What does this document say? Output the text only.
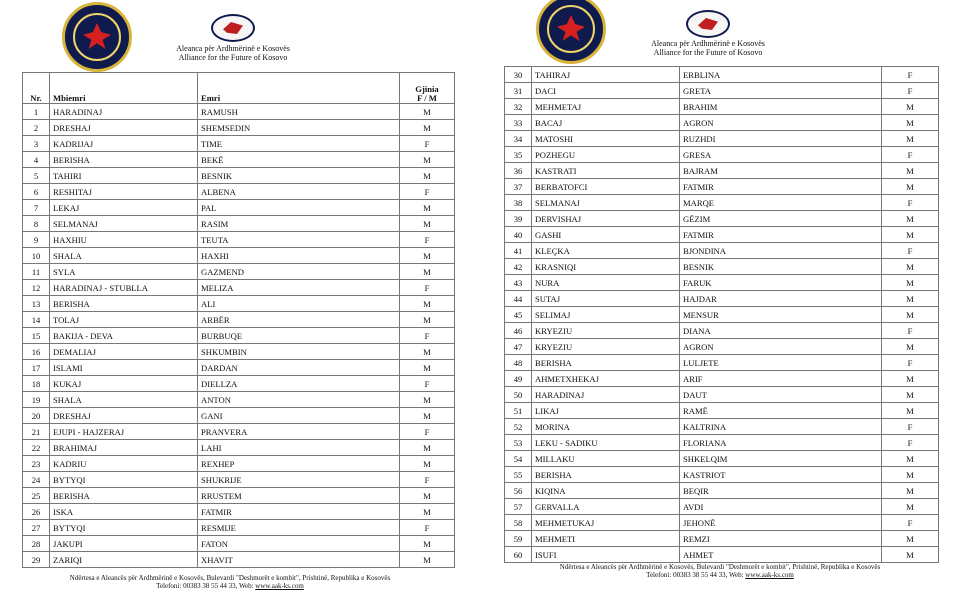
Aleanca për Ardhmërinë e Kosovës
Alliance for the Future of Kosovo
Nr.	Mbiemri	Emri	Gjinia
F / M

1	HARADINAJ	RAMUSH	M
2	DRESHAJ	SHEMSEDIN	M
3	KADRIJAJ	TIME	F
4	BERISHA	BEKË	M
5	TAHIRI	BESNIK	M
6	RESHITAJ	ALBENA	F
7	LEKAJ	PAL	M
8	SELMANAJ	RASIM	M
9	HAXHIU	TEUTA	F
10	SHALA	HAXHI	M
11	SYLA	GAZMEND	M
12	HARADINAJ - STUBLLA	MELIZA	F
13	BERISHA	ALI	M
14	TOLAJ	ARBËR	M
15	BAKIJA - DEVA	BURBUQE	F
16	DEMALIAJ	SHKUMBIN	M
17	ISLAMI	DARDAN	M
18	KUKAJ	DIELLZA	F
19	SHALA	ANTON	M
20	DRESHAJ	GANI	M
21	EJUPI - HAJZERAJ	PRANVERA	F
22	BRAHIMAJ	LAHI	M
23	KADRIU	REXHEP	M
24	BYTYQI	SHUKRIJE	F
25	BERISHA	RRUSTEM	M
26	ISKA	FATMIR	M
27	BYTYQI	RESMIJE	F
28	JAKUPI	FATON	M
29	ZARIQI	XHAVIT	M
Ndërtesa e Aleancës për Ardhmërinë e Kosovës, Bulevardi "Deshmorët e kombit", Prishtinë, Republika e Kosovës
Telefoni: 00383 38 55 44 33, Web: www.aak-ks.com
Aleanca për Ardhmërinë e Kosovës
Alliance for the Future of Kosovo
30	TAHIRAJ	ERBLINA	F
31	DACI	GRETA	F
32	MEHMETAJ	BRAHIM	M
33	BACAJ	AGRON	M
34	MATOSHI	RUZHDI	M
35	POZHEGU	GRESA	F
36	KASTRATI	BAJRAM	M
37	BERBATOFCI	FATMIR	M
38	SELMANAJ	MARQE	F
39	DERVISHAJ	GËZIM	M
40	GASHI	FATMIR	M
41	KLEÇKA	BJONDINA	F
42	KRASNIQI	BESNIK	M
43	NURA	FARUK	M
44	SUTAJ	HAJDAR	M
45	SELIMAJ	MENSUR	M
46	KRYEZIU	DIANA	F
47	KRYEZIU	AGRON	M
48	BERISHA	LULJETE	F
49	AHMETXHEKAJ	ARIF	M
50	HARADINAJ	DAUT	M
51	LIKAJ	RAMË	M
52	MORINA	KALTRINA	F
53	LEKU - SADIKU	FLORIANA	F
54	MILLAKU	SHKELQIM	M
55	BERISHA	KASTRIOT	M
56	KIQINA	BEQIR	M
57	GERVALLA	AVDI	M
58	MEHMETUKAJ	JEHONË	F
59	MEHMETI	REMZI	M
60	ISUFI	AHMET	M
Ndërtesa e Aleancës për Ardhmërinë e Kosovës, Bulevardi "Deshmorët e kombit", Prishtinë, Republika e Kosovës
Telefoni: 00383 38 55 44 33, Web: www.aak-ks.com
